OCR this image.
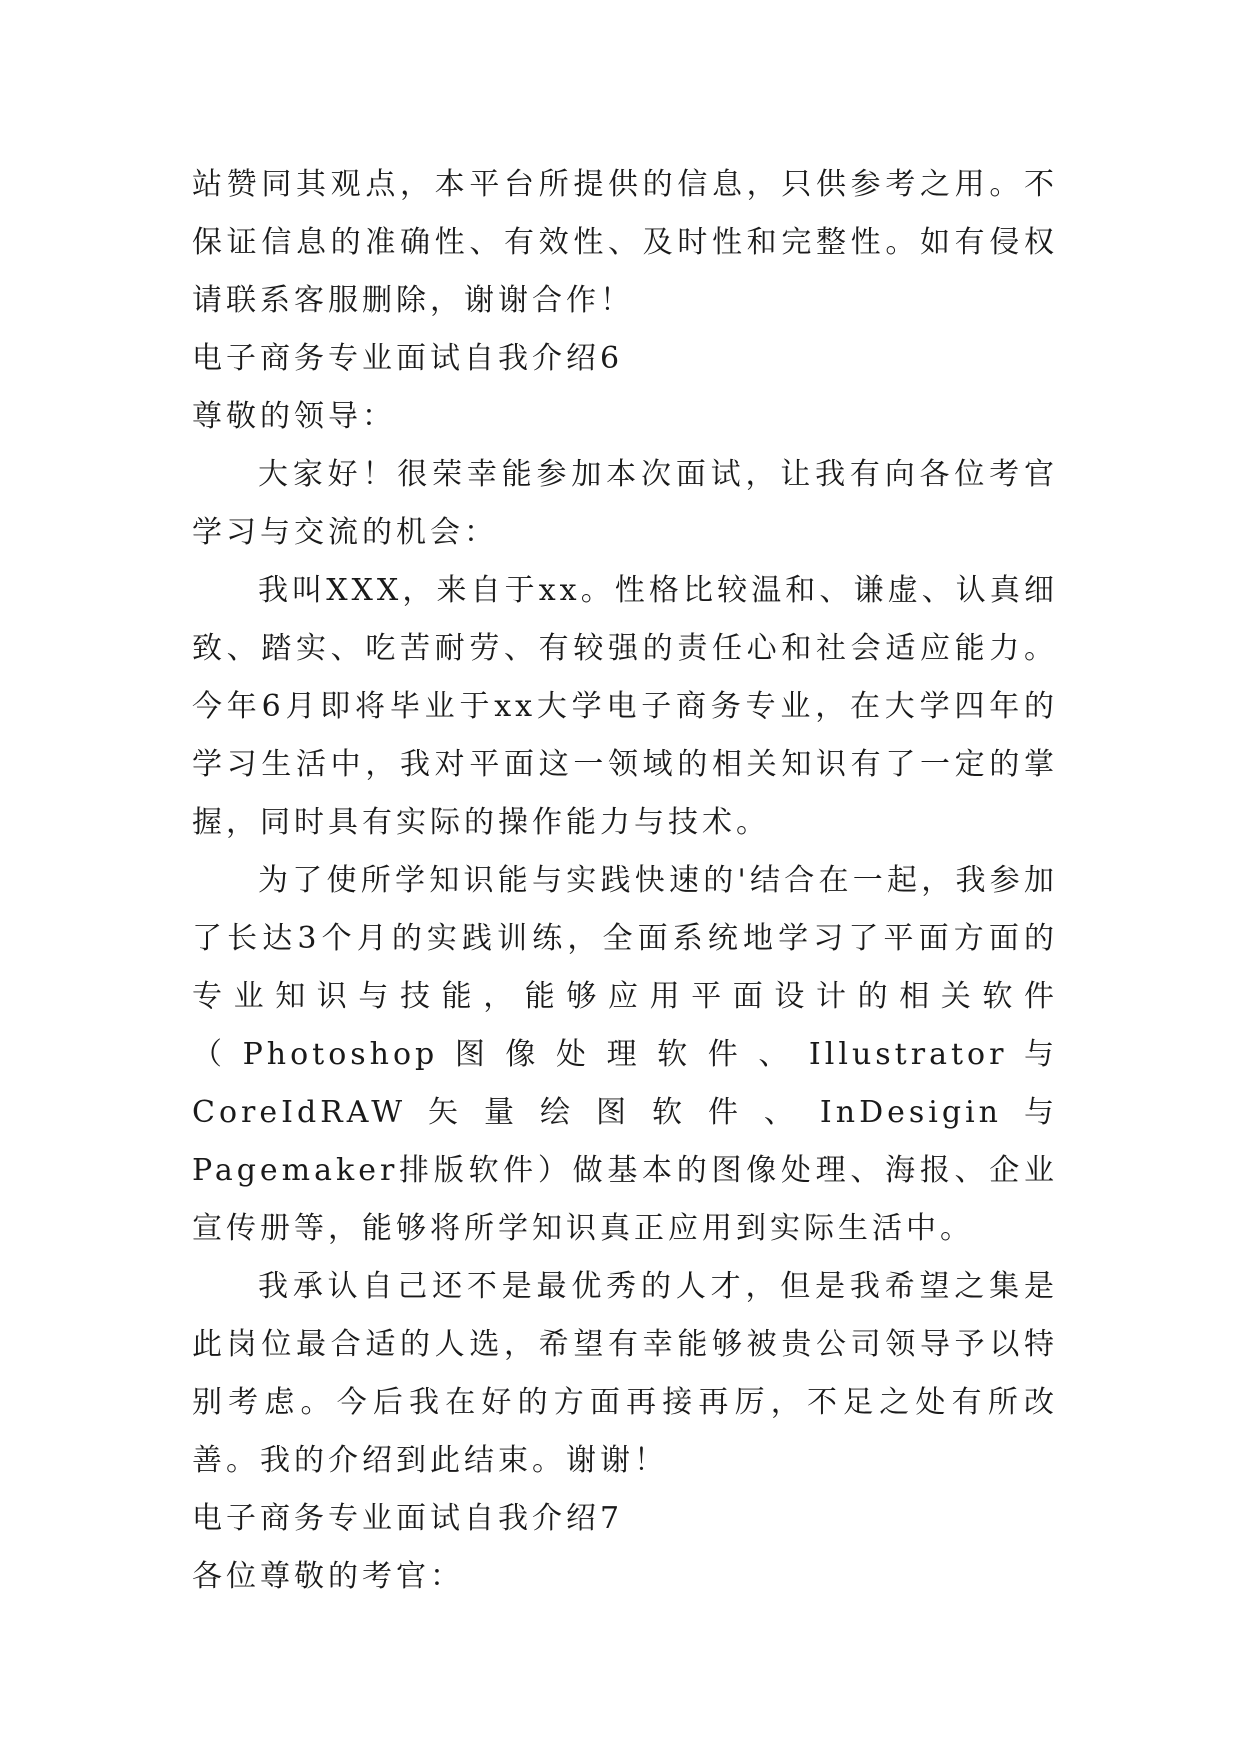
站赞同其观点，本平台所提供的信息，只供参考之用。不保证信息的准确性、有效性、及时性和完整性。如有侵权请联系客服删除，谢谢合作！

电子商务专业面试自我介绍6

尊敬的领导：

大家好！很荣幸能参加本次面试，让我有向各位考官学习与交流的机会：

我叫XXX，来自于xx。性格比较温和、谦虚、认真细致、踏实、吃苦耐劳、有较强的责任心和社会适应能力。今年6月即将毕业于xx大学电子商务专业，在大学四年的学习生活中，我对平面这一领域的相关知识有了一定的掌握，同时具有实际的操作能力与技术。

为了使所学知识能与实践快速的'结合在一起，我参加了长达3个月的实践训练，全面系统地学习了平面方面的专业知识与技能，能够应用平面设计的相关软件（Photoshop图像处理软件、Illustrator与CoreIdRAW矢量绘图软件、InDesigin与Pagemaker排版软件）做基本的图像处理、海报、企业宣传册等，能够将所学知识真正应用到实际生活中。

我承认自己还不是最优秀的人才，但是我希望之集是此岗位最合适的人选，希望有幸能够被贵公司领导予以特别考虑。今后我在好的方面再接再厉，不足之处有所改善。我的介绍到此结束。谢谢！

电子商务专业面试自我介绍7

各位尊敬的考官：
